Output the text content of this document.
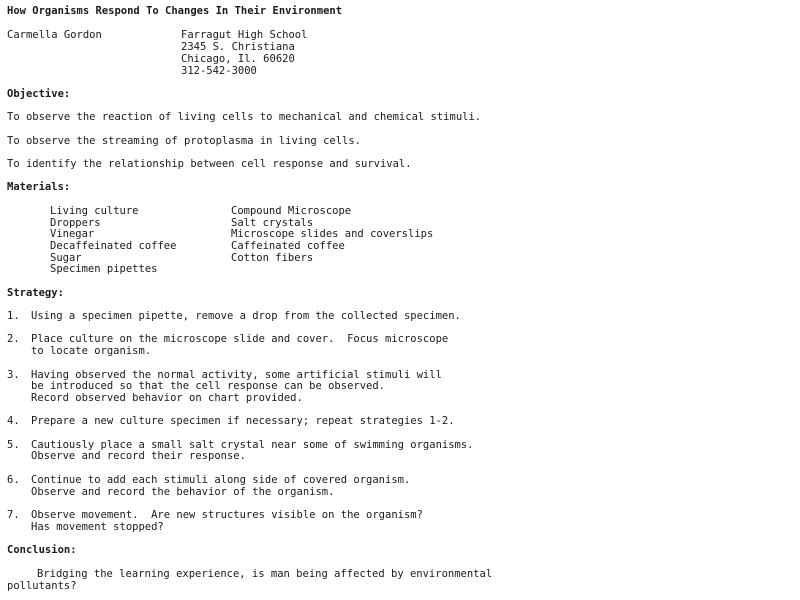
How Organisms Respond To Changes In Their Environment
Carmella Gordon	Farragut High School
2345 S. Christiana
Chicago, Il. 60620
312-542-3000
Objective:
To observe the reaction of living cells to mechanical and chemical stimuli.
To observe the streaming of protoplasma in living cells.
To identify the relationship between cell response and survival.
Materials:
Living culture
Droppers
Vinegar
Decaffeinated coffee
Sugar
Specimen pipettes
Compound Microscope
Salt crystals
Microscope slides and coverslips
Caffeinated coffee
Cotton fibers
Strategy:
1. Using a specimen pipette, remove a drop from the collected specimen.
2. Place culture on the microscope slide and cover.  Focus microscope
to locate organism.
3. Having observed the normal activity, some artificial stimuli will
be introduced so that the cell response can be observed.
Record observed behavior on chart provided.
4. Prepare a new culture specimen if necessary; repeat strategies 1-2.
5. Cautiously place a small salt crystal near some of swimming organisms.
Observe and record their response.
6. Continue to add each stimuli along side of covered organism.
Observe and record the behavior of the organism.
7. Observe movement.  Are new structures visible on the organism?
Has movement stopped?
Conclusion:
Bridging the learning experience, is man being affected by environmental
pollutants?
